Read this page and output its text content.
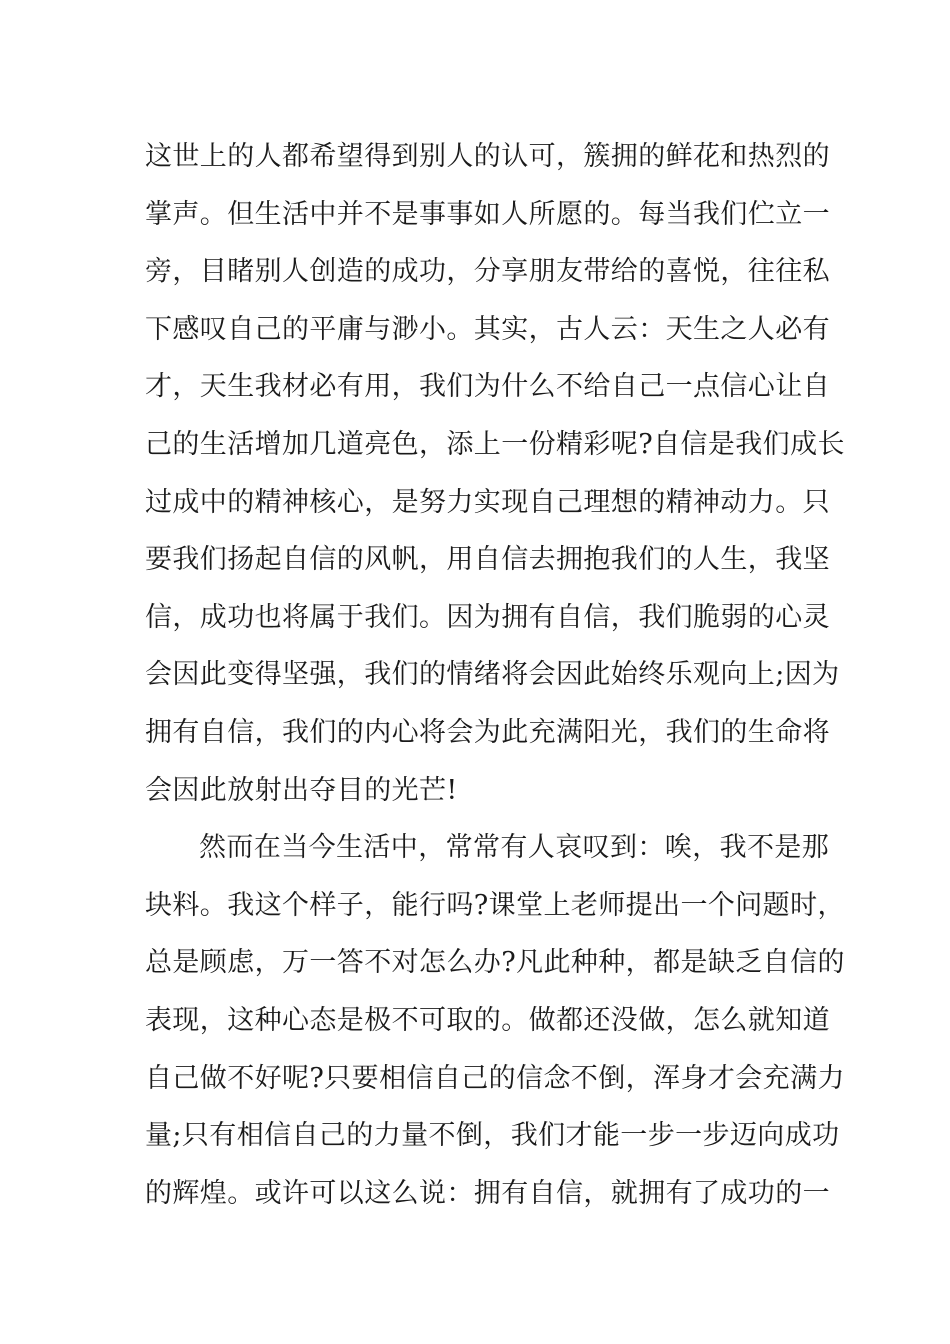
这世上的人都希望得到别人的认可，簇拥的鲜花和热烈的
掌声。但生活中并不是事事如人所愿的。每当我们伫立一
旁，目睹别人创造的成功，分享朋友带给的喜悦，往往私
下感叹自己的平庸与渺小。其实，古人云：天生之人必有
才，天生我材必有用，我们为什么不给自己一点信心让自
己的生活增加几道亮色，添上一份精彩呢?自信是我们成长
过成中的精神核心，是努力实现自己理想的精神动力。只
要我们扬起自信的风帆，用自信去拥抱我们的人生，我坚
信，成功也将属于我们。因为拥有自信，我们脆弱的心灵
会因此变得坚强，我们的情绪将会因此始终乐观向上;因为
拥有自信，我们的内心将会为此充满阳光，我们的生命将
会因此放射出夺目的光芒!
然而在当今生活中，常常有人哀叹到：唉，我不是那
块料。我这个样子，能行吗?课堂上老师提出一个问题时，
总是顾虑，万一答不对怎么办?凡此种种，都是缺乏自信的
表现，这种心态是极不可取的。做都还没做，怎么就知道
自己做不好呢?只要相信自己的信念不倒，浑身才会充满力
量;只有相信自己的力量不倒，我们才能一步一步迈向成功
的辉煌。或许可以这么说：拥有自信，就拥有了成功的一
